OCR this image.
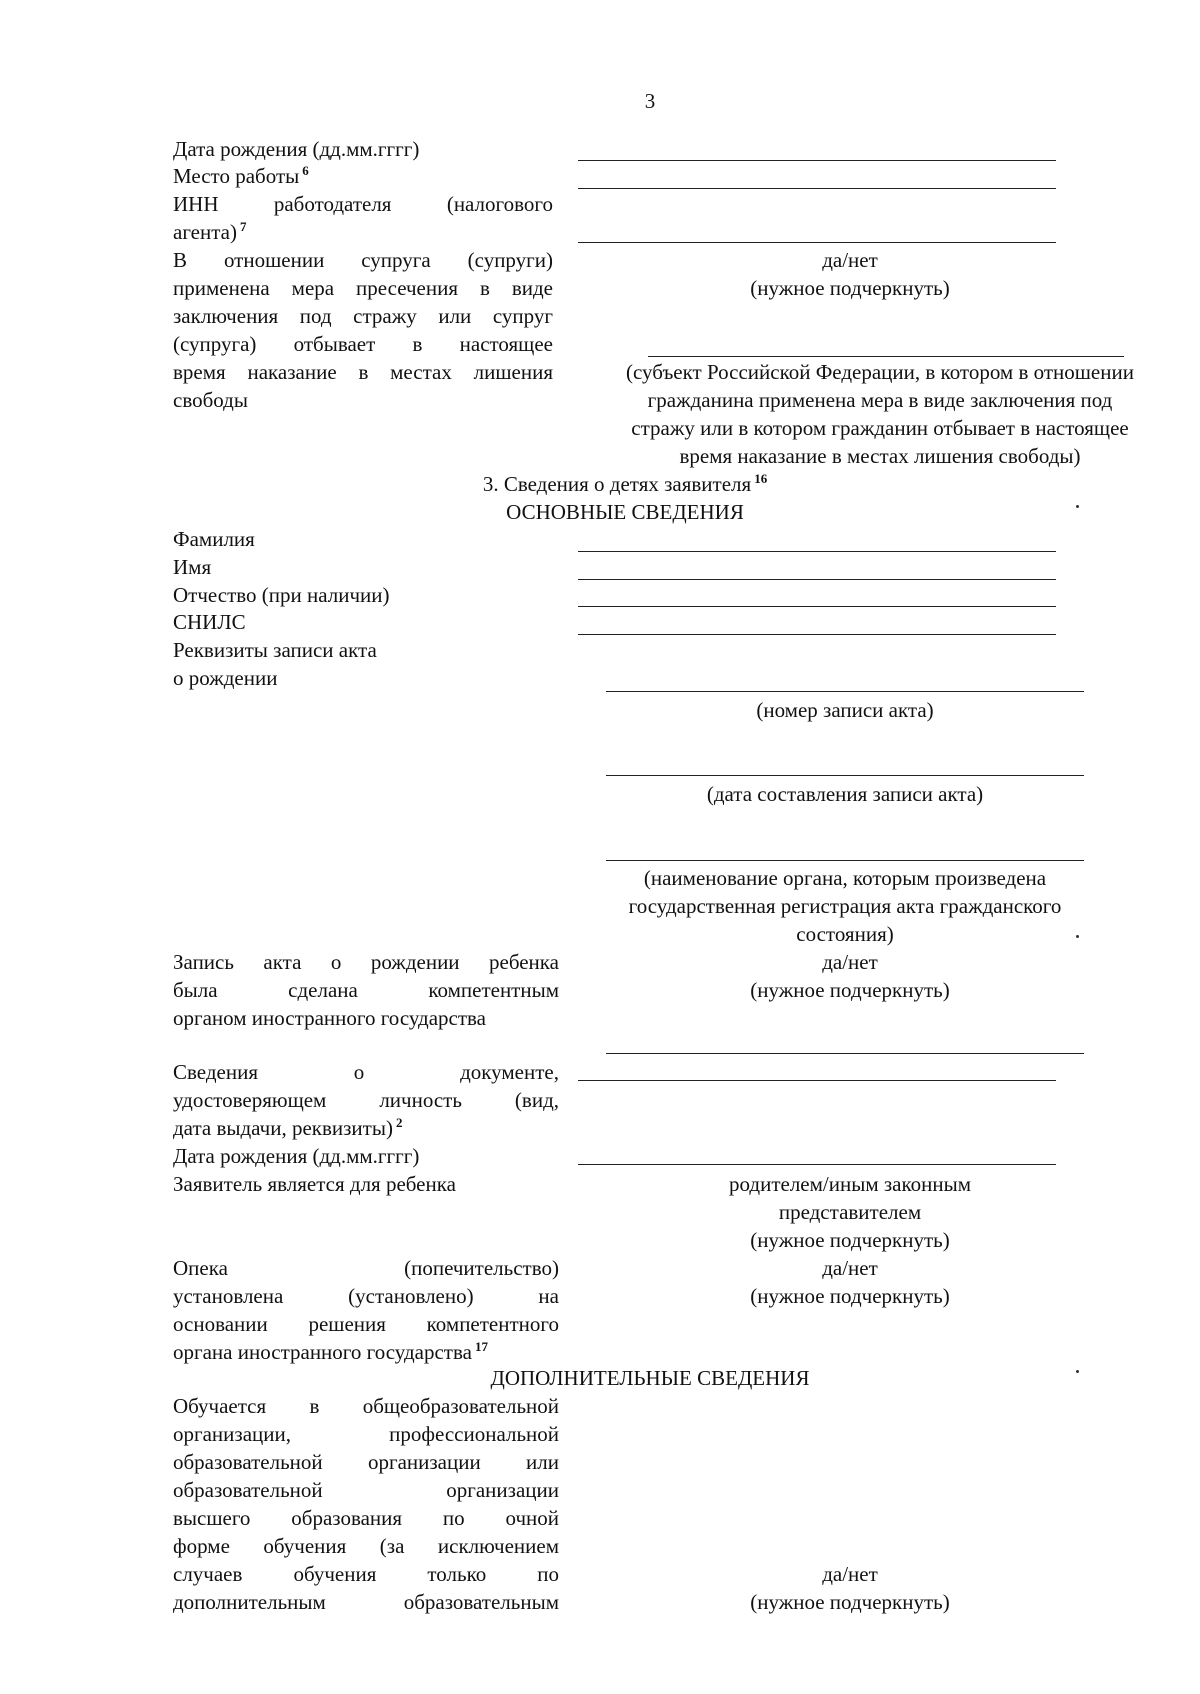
3
Дата рождения (дд.мм.гггг)
Место работы $^6$
ИНН работодателя (налогового
агента) $^7$
В отношении супруга (супруги)
применена мера пресечения в виде
заключения под стражу или супруг
(супруга) отбывает в настоящее
время наказание в местах лишения
свободы
да/нет
(нужное подчеркнуть)
(субъект Российской Федерации, в котором в отношении
гражданина применена мера в виде заключения под
стражу или в котором гражданин отбывает в настоящее
время наказание в местах лишения свободы)
3. Сведения о детях заявителя $^{16}$
ОСНОВНЫЕ СВЕДЕНИЯ
Фамилия
Имя
Отчество (при наличии)
СНИЛС
Реквизиты записи акта
о рождении
(номер записи акта)
(дата составления записи акта)
(наименование органа, которым произведена
государственная регистрация акта гражданского
состояния)
Запись акта о рождении ребенка
была сделана компетентным
органом иностранного государства
да/нет
(нужное подчеркнуть)
Сведения о документе,
удостоверяющем личность (вид,
дата выдачи, реквизиты) $^2$
Дата рождения (дд.мм.гггг)
Заявитель является для ребенка	родителем/иным законным
представителем
(нужное подчеркнуть)
Опека (попечительство)
установлена (установлено) на
основании решения компетентного
органа иностранного государства $^{17}$
да/нет
(нужное подчеркнуть)
ДОПОЛНИТЕЛЬНЫЕ СВЕДЕНИЯ
Обучается в общеобразовательной
организации, профессиональной
образовательной организации или
образовательной организации
высшего образования по очной
форме обучения (за исключением
случаев обучения только по
дополнительным образовательным
да/нет
(нужное подчеркнуть)
